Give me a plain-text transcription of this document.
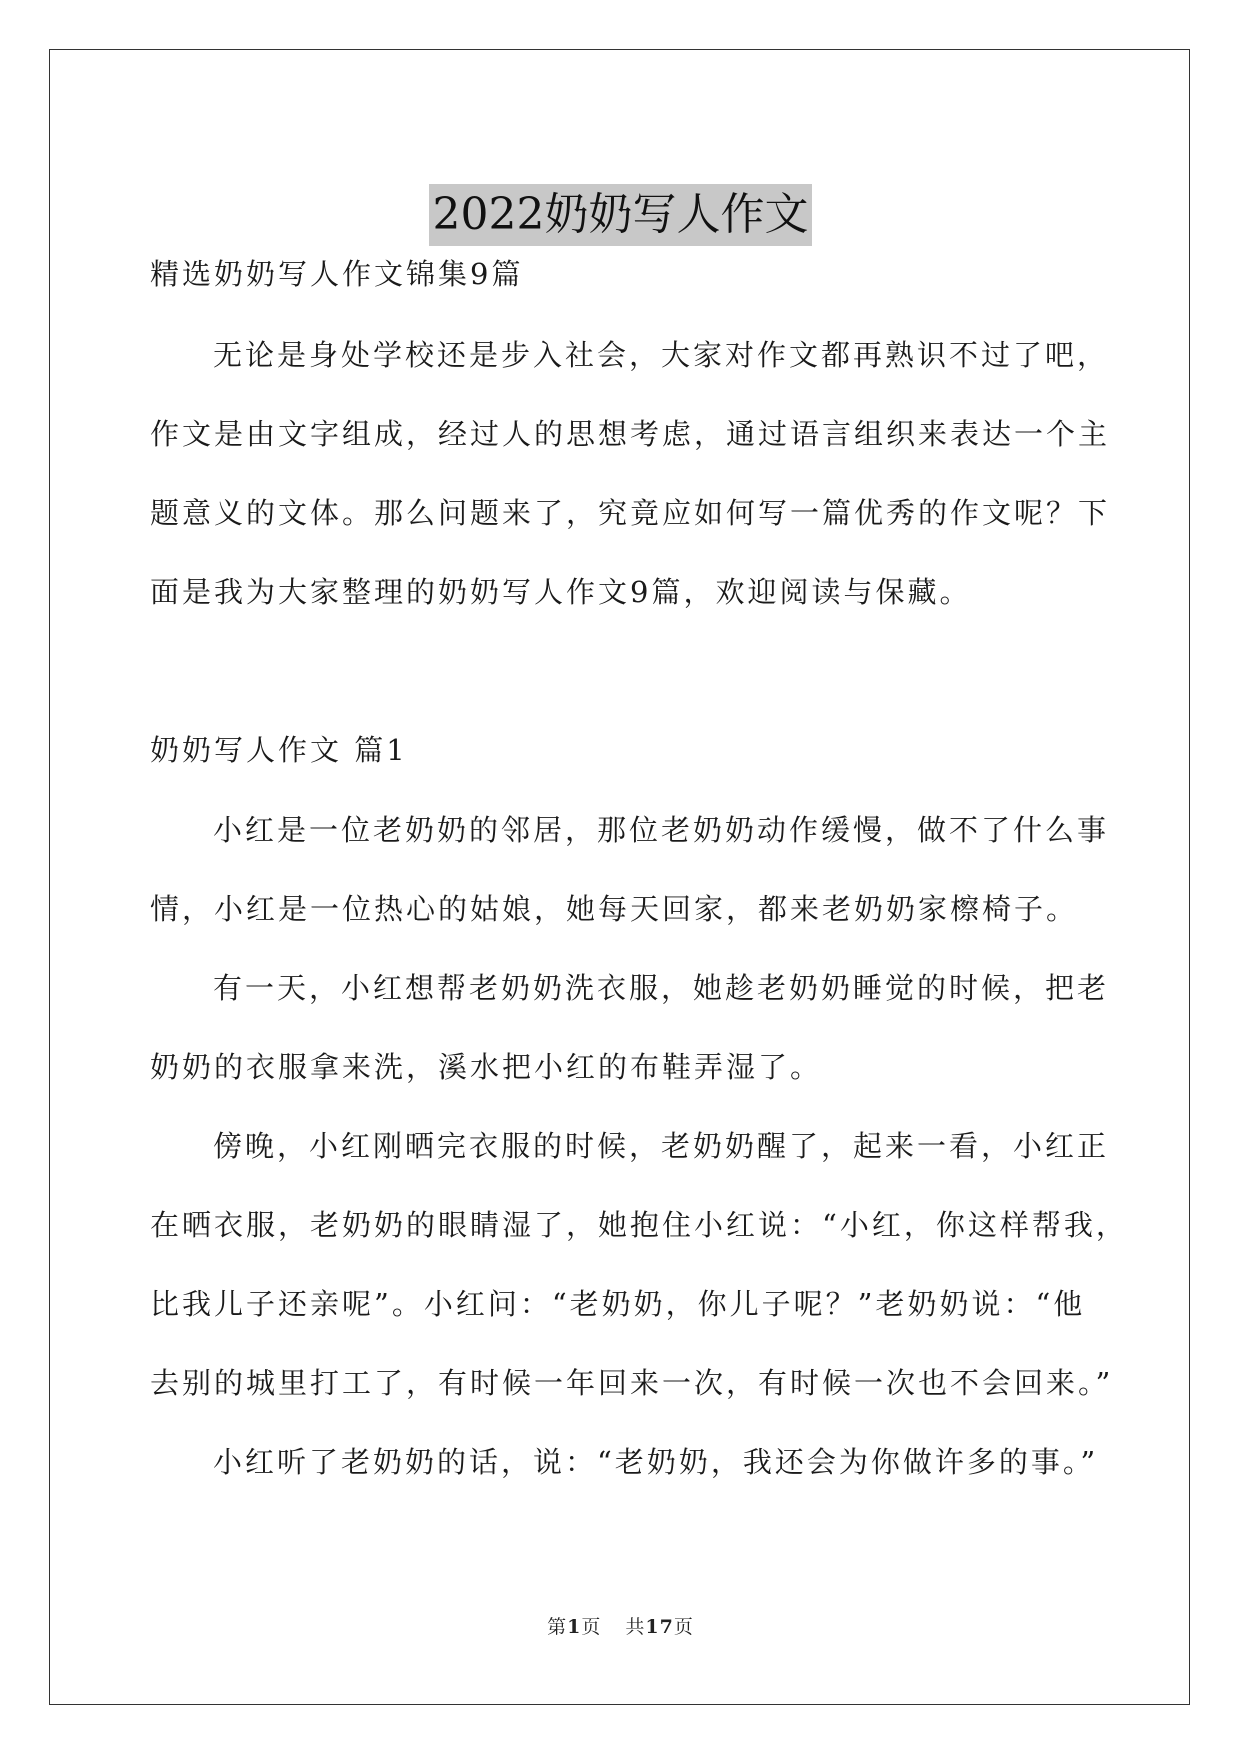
2022奶奶写人作文

精选奶奶写人作文锦集9篇

无论是身处学校还是步入社会，大家对作文都再熟识不过了吧，

作文是由文字组成，经过人的思想考虑，通过语言组织来表达一个主

题意义的文体。那么问题来了，究竟应如何写一篇优秀的作文呢？下

面是我为大家整理的奶奶写人作文9篇，欢迎阅读与保藏。

奶奶写人作文 篇1

小红是一位老奶奶的邻居，那位老奶奶动作缓慢，做不了什么事

情，小红是一位热心的姑娘，她每天回家，都来老奶奶家檫椅子。

有一天，小红想帮老奶奶洗衣服，她趁老奶奶睡觉的时候，把老

奶奶的衣服拿来洗，溪水把小红的布鞋弄湿了。

傍晚，小红刚晒完衣服的时候，老奶奶醒了，起来一看，小红正

在晒衣服，老奶奶的眼睛湿了，她抱住小红说：“小红，你这样帮我，

比我儿子还亲呢”。小红问：“老奶奶，你儿子呢？”老奶奶说：“他

去别的城里打工了，有时候一年回来一次，有时候一次也不会回来。”

小红听了老奶奶的话，说：“老奶奶，我还会为你做许多的事。”

第1页 共17页
